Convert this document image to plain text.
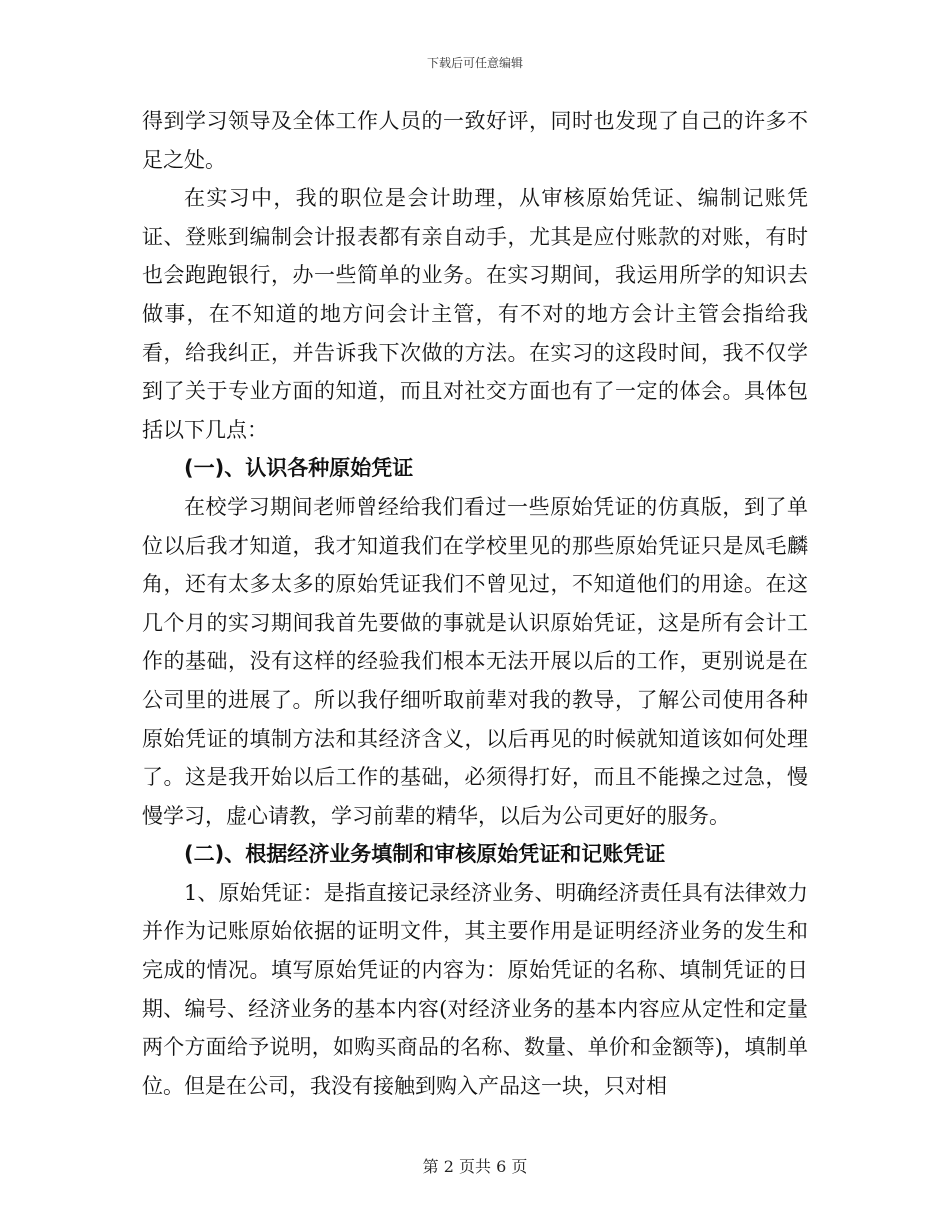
下载后可任意编辑

得到学习领导及全体工作人员的一致好评，同时也发现了自己的许多不足之处。

在实习中，我的职位是会计助理，从审核原始凭证、编制记账凭证、登账到编制会计报表都有亲自动手，尤其是应付账款的对账，有时也会跑跑银行，办一些简单的业务。在实习期间，我运用所学的知识去做事，在不知道的地方问会计主管，有不对的地方会计主管会指给我看，给我纠正，并告诉我下次做的方法。在实习的这段时间，我不仅学到了关于专业方面的知道，而且对社交方面也有了一定的体会。具体包括以下几点：

(一)、认识各种原始凭证

在校学习期间老师曾经给我们看过一些原始凭证的仿真版，到了单位以后我才知道，我才知道我们在学校里见的那些原始凭证只是凤毛麟角，还有太多太多的原始凭证我们不曾见过，不知道他们的用途。在这几个月的实习期间我首先要做的事就是认识原始凭证，这是所有会计工作的基础，没有这样的经验我们根本无法开展以后的工作，更别说是在公司里的进展了。所以我仔细听取前辈对我的教导，了解公司使用各种原始凭证的填制方法和其经济含义，以后再见的时候就知道该如何处理了。这是我开始以后工作的基础，必须得打好，而且不能操之过急，慢慢学习，虚心请教，学习前辈的精华，以后为公司更好的服务。

(二)、根据经济业务填制和审核原始凭证和记账凭证

1、原始凭证：是指直接记录经济业务、明确经济责任具有法律效力并作为记账原始依据的证明文件，其主要作用是证明经济业务的发生和完成的情况。填写原始凭证的内容为：原始凭证的名称、填制凭证的日期、编号、经济业务的基本内容(对经济业务的基本内容应从定性和定量两个方面给予说明，如购买商品的名称、数量、单价和金额等)，填制单位。但是在公司，我没有接触到购入产品这一块，只对相

第 2 页共 6 页
